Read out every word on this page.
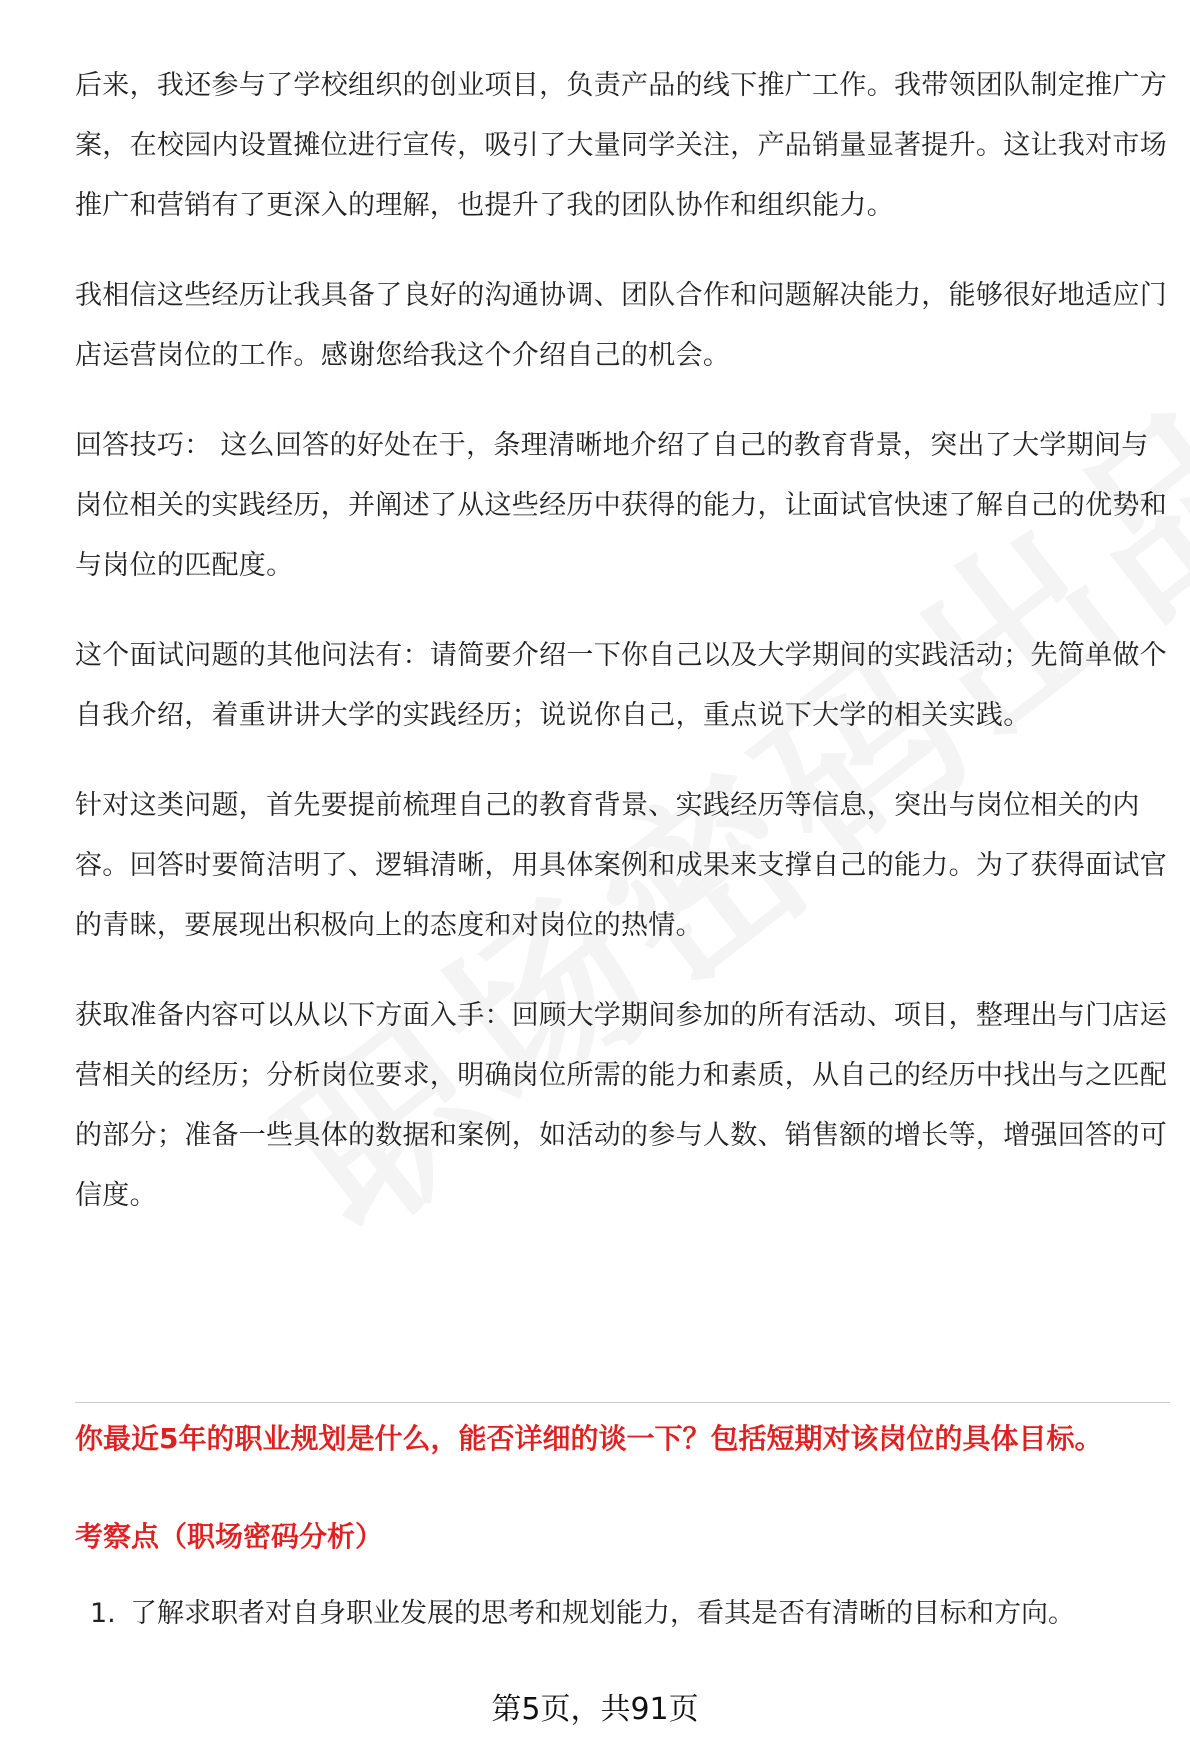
后来，我还参与了学校组织的创业项目，负责产品的线下推广工作。我带领团队制定推广方案，在校园内设置摊位进行宣传，吸引了大量同学关注，产品销量显著提升。这让我对市场推广和营销有了更深入的理解，也提升了我的团队协作和组织能力。

我相信这些经历让我具备了良好的沟通协调、团队合作和问题解决能力，能够很好地适应门店运营岗位的工作。感谢您给我这个介绍自己的机会。

回答技巧： 这么回答的好处在于，条理清晰地介绍了自己的教育背景，突出了大学期间与岗位相关的实践经历，并阐述了从这些经历中获得的能力，让面试官快速了解自己的优势和与岗位的匹配度。

这个面试问题的其他问法有：请简要介绍一下你自己以及大学期间的实践活动；先简单做个自我介绍，着重讲讲大学的实践经历；说说你自己，重点说下大学的相关实践。

针对这类问题，首先要提前梳理自己的教育背景、实践经历等信息，突出与岗位相关的内容。回答时要简洁明了、逻辑清晰，用具体案例和成果来支撑自己的能力。为了获得面试官的青睐，要展现出积极向上的态度和对岗位的热情。

获取准备内容可以从以下方面入手：回顾大学期间参加的所有活动、项目，整理出与门店运营相关的经历；分析岗位要求，明确岗位所需的能力和素质，从自己的经历中找出与之匹配的部分；准备一些具体的数据和案例，如活动的参与人数、销售额的增长等，增强回答的可信度。

你最近5年的职业规划是什么，能否详细的谈一下？包括短期对该岗位的具体目标。

考察点（职场密码分析）

1. 了解求职者对自身职业发展的思考和规划能力，看其是否有清晰的目标和方向。
第5页，共91页
